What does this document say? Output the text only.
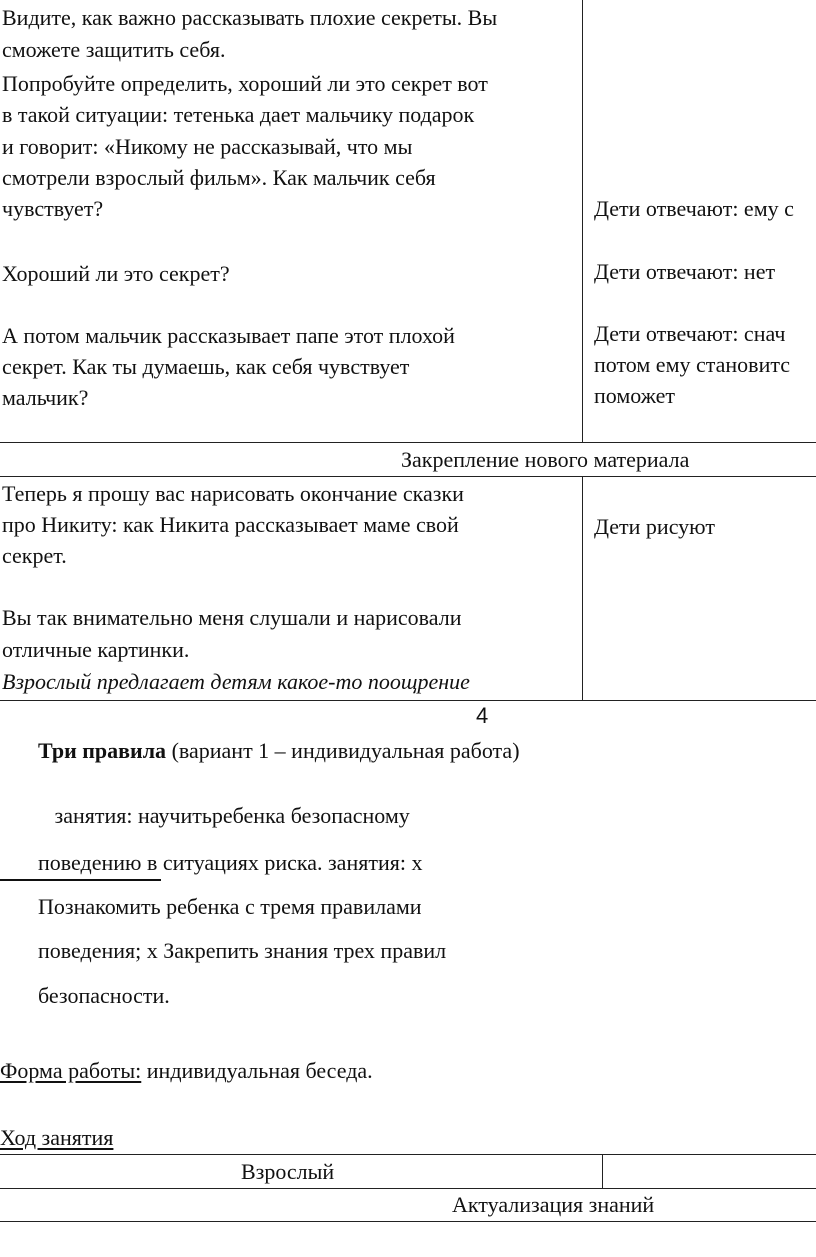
Видите, как важно рассказывать плохие секреты. Вы
сможете защитить себя.
Попробуйте определить, хороший ли это секрет вот
в такой ситуации: тетенька дает мальчику подарок
и говорит: «Никому не рассказывай, что мы
смотрели взрослый фильм». Как мальчик себя
чувствует?
Хороший ли это секрет?
А потом мальчик рассказывает папе этот плохой
секрет. Как ты думаешь, как себя чувствует
мальчик?
Дети отвечают: ему с
Дети отвечают: нет
Дети отвечают: снач
потом ему становитс
поможет
Закрепление нового материала
Теперь я прошу вас нарисовать окончание сказки
про Никиту: как Никита рассказывает маме свой
секрет.
Вы так внимательно меня слушали и нарисовали
отличные картинки.
Взрослый предлагает детям какое-то поощрение
Дети рисуют
4
Три правила (вариант 1 – индивидуальная работа)
занятия: научитьребенка безопасному
поведению в ситуациях риска. занятия: х
Познакомить ребенка с тремя правилами
поведения; х Закрепить знания трех правил
безопасности.
Форма работы: индивидуальная беседа.
Ход занятия
Взрослый
Актуализация знаний
